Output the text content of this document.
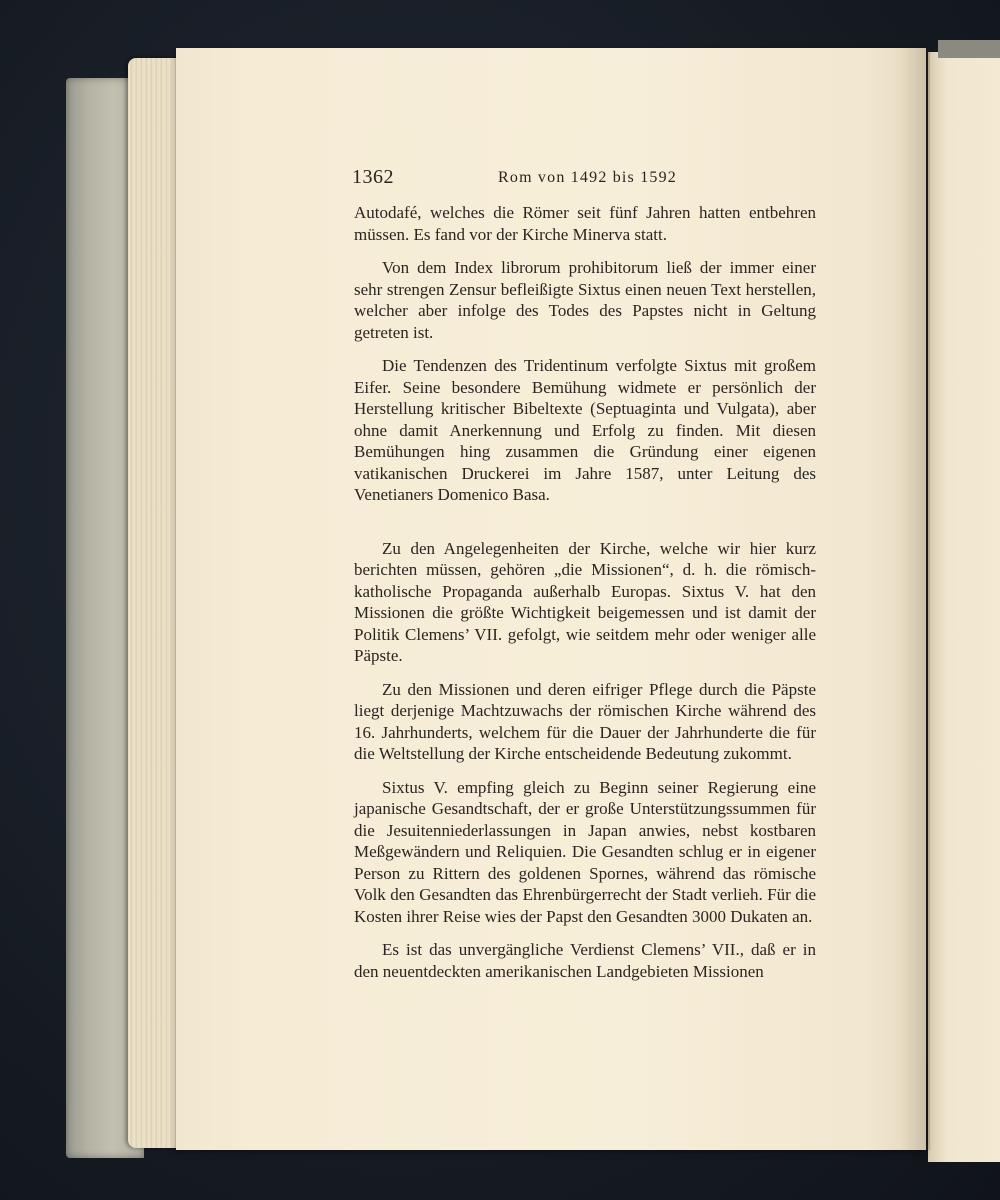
1362	Rom von 1492 bis 1592

Autodafé, welches die Römer seit fünf Jahren hatten entbehren müssen. Es fand vor der Kirche Minerva statt.

Von dem Index librorum prohibitorum ließ der immer einer sehr strengen Zensur befleißigte Sixtus einen neuen Text herstellen, welcher aber infolge des Todes des Papstes nicht in Geltung getreten ist.

Die Tendenzen des Tridentinum verfolgte Sixtus mit großem Eifer. Seine besondere Bemühung widmete er persönlich der Herstellung kritischer Bibeltexte (Septuaginta und Vulgata), aber ohne damit Anerkennung und Erfolg zu finden. Mit diesen Bemühungen hing zusammen die Gründung einer eigenen vatikanischen Druckerei im Jahre 1587, unter Leitung des Venetianers Domenico Basa.

Zu den Angelegenheiten der Kirche, welche wir hier kurz berichten müssen, gehören „die Missionen“, d. h. die römisch-katholische Propaganda außerhalb Europas. Sixtus V. hat den Missionen die größte Wichtigkeit beigemessen und ist damit der Politik Clemens’ VII. gefolgt, wie seitdem mehr oder weniger alle Päpste.

Zu den Missionen und deren eifriger Pflege durch die Päpste liegt derjenige Machtzuwachs der römischen Kirche während des 16. Jahrhunderts, welchem für die Dauer der Jahrhunderte die für die Weltstellung der Kirche entscheidende Bedeutung zukommt.

Sixtus V. empfing gleich zu Beginn seiner Regierung eine japanische Gesandtschaft, der er große Unterstützungssummen für die Jesuitenniederlassungen in Japan anwies, nebst kostbaren Meßgewändern und Reliquien. Die Gesandten schlug er in eigener Person zu Rittern des goldenen Spornes, während das römische Volk den Gesandten das Ehrenbürgerrecht der Stadt verlieh. Für die Kosten ihrer Reise wies der Papst den Gesandten 3000 Dukaten an.

Es ist das unvergängliche Verdienst Clemens’ VII., daß er in den neuentdeckten amerikanischen Landgebieten Missionen
